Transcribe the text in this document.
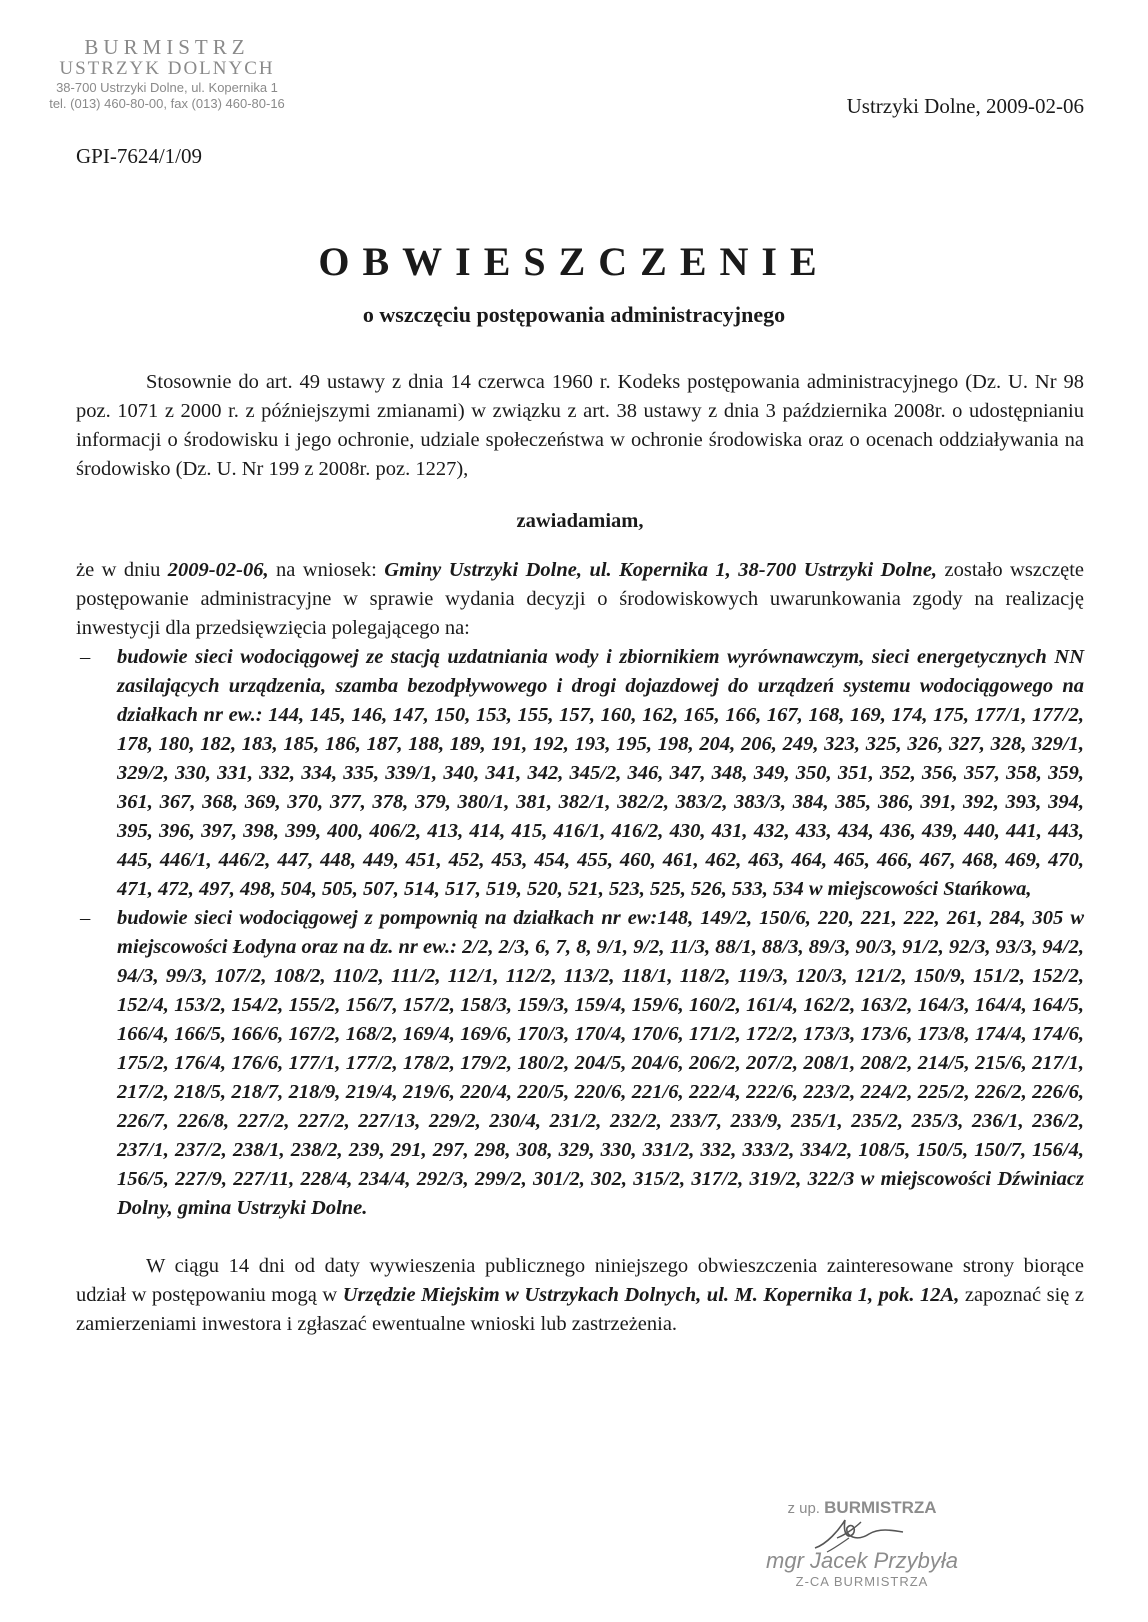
BURMISTRZ
USTRZYK DOLNYCH
38-700 Ustrzyki Dolne, ul. Kopernika 1
tel. (013) 460-80-00, fax (013) 460-80-16	Ustrzyki Dolne, 2009-02-06
GPI-7624/1/09
OBWIESZCZENIE
o wszczęciu postępowania administracyjnego

Stosownie do art. 49 ustawy z dnia 14 czerwca 1960 r. Kodeks postępowania administracyjnego (Dz. U. Nr 98 poz. 1071 z 2000 r. z późniejszymi zmianami) w związku z art. 38 ustawy z dnia 3 października 2008r. o udostępnianiu informacji o środowisku i jego ochronie, udziale społeczeństwa w ochronie środowiska oraz o ocenach oddziaływania na środowisko (Dz. U. Nr 199 z 2008r. poz. 1227),

zawiadamiam,

że w dniu 2009-02-06, na wniosek: Gminy Ustrzyki Dolne, ul. Kopernika 1, 38-700 Ustrzyki Dolne, zostało wszczęte postępowanie administracyjne w sprawie wydania decyzji o środowiskowych uwarunkowania zgody na realizację inwestycji dla przedsięwzięcia polegającego na:

– budowie sieci wodociągowej ze stacją uzdatniania wody i zbiornikiem wyrównawczym, sieci energetycznych NN zasilających urządzenia, szamba bezodpływowego i drogi dojazdowej do urządzeń systemu wodociągowego na działkach nr ew.: 144, 145, 146, 147, 150, 153, 155, 157, 160, 162, 165, 166, 167, 168, 169, 174, 175, 177/1, 177/2, 178, 180, 182, 183, 185, 186, 187, 188, 189, 191, 192, 193, 195, 198, 204, 206, 249, 323, 325, 326, 327, 328, 329/1, 329/2, 330, 331, 332, 334, 335, 339/1, 340, 341, 342, 345/2, 346, 347, 348, 349, 350, 351, 352, 356, 357, 358, 359, 361, 367, 368, 369, 370, 377, 378, 379, 380/1, 381, 382/1, 382/2, 383/2, 383/3, 384, 385, 386, 391, 392, 393, 394, 395, 396, 397, 398, 399, 400, 406/2, 413, 414, 415, 416/1, 416/2, 430, 431, 432, 433, 434, 436, 439, 440, 441, 443, 445, 446/1, 446/2, 447, 448, 449, 451, 452, 453, 454, 455, 460, 461, 462, 463, 464, 465, 466, 467, 468, 469, 470, 471, 472, 497, 498, 504, 505, 507, 514, 517, 519, 520, 521, 523, 525, 526, 533, 534 w miejscowości Stańkowa,
– budowie sieci wodociągowej z pompownią na działkach nr ew:148, 149/2, 150/6, 220, 221, 222, 261, 284, 305 w miejscowości Łodyna oraz na dz. nr ew.: 2/2, 2/3, 6, 7, 8, 9/1, 9/2, 11/3, 88/1, 88/3, 89/3, 90/3, 91/2, 92/3, 93/3, 94/2, 94/3, 99/3, 107/2, 108/2, 110/2, 111/2, 112/1, 112/2, 113/2, 118/1, 118/2, 119/3, 120/3, 121/2, 150/9, 151/2, 152/2, 152/4, 153/2, 154/2, 155/2, 156/7, 157/2, 158/3, 159/3, 159/4, 159/6, 160/2, 161/4, 162/2, 163/2, 164/3, 164/4, 164/5, 166/4, 166/5, 166/6, 167/2, 168/2, 169/4, 169/6, 170/3, 170/4, 170/6, 171/2, 172/2, 173/3, 173/6, 173/8, 174/4, 174/6, 175/2, 176/4, 176/6, 177/1, 177/2, 178/2, 179/2, 180/2, 204/5, 204/6, 206/2, 207/2, 208/1, 208/2, 214/5, 215/6, 217/1, 217/2, 218/5, 218/7, 218/9, 219/4, 219/6, 220/4, 220/5, 220/6, 221/6, 222/4, 222/6, 223/2, 224/2, 225/2, 226/2, 226/6, 226/7, 226/8, 227/2, 227/2, 227/13, 229/2, 230/4, 231/2, 232/2, 233/7, 233/9, 235/1, 235/2, 235/3, 236/1, 236/2, 237/1, 237/2, 238/1, 238/2, 239, 291, 297, 298, 308, 329, 330, 331/2, 332, 333/2, 334/2, 108/5, 150/5, 150/7, 156/4, 156/5, 227/9, 227/11, 228/4, 234/4, 292/3, 299/2, 301/2, 302, 315/2, 317/2, 319/2, 322/3 w miejscowości Dźwiniacz Dolny, gmina Ustrzyki Dolne.

W ciągu 14 dni od daty wywieszenia publicznego niniejszego obwieszczenia zainteresowane strony biorące udział w postępowaniu mogą w Urzędzie Miejskim w Ustrzykach Dolnych, ul. M. Kopernika 1, pok. 12A, zapoznać się z zamierzeniami inwestora i zgłaszać ewentualne wnioski lub zastrzeżenia.

z up. BURMISTRZA
mgr Jacek Przybyła
Z-CA BURMISTRZA
